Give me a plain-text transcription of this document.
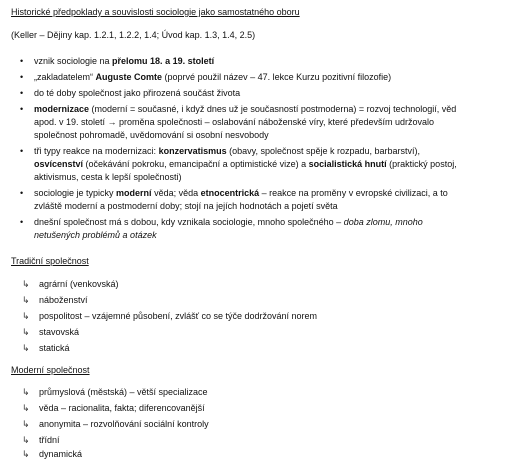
Historické předpoklady a souvislosti sociologie jako samostatného oboru
(Keller – Dějiny kap. 1.2.1, 1.2.2, 1.4; Úvod kap. 1.3, 1.4, 2.5)
•	vznik sociologie na přelomu 18. a 19. století
•	„zakladatelem“ Auguste Comte (poprvé použil název – 47. lekce Kurzu pozitivní filozofie)
•	do té doby společnost jako přirozená součást života
•	modernizace (moderní = současné, i když dnes už je současností postmoderna) = rozvoj technologií, věd
apod. v 19. století → proměna společnosti – oslabování náboženské víry, které především udržovalo
společnost pohromadě, uvědomování si osobní nesvobody
•	tři typy reakce na modernizaci: konzervatismus (obavy, společnost spěje k rozpadu, barbarství),
osvícenství (očekávání pokroku, emancipační a optimistické vize) a socialistická hnutí (praktický postoj,
aktivismus, cesta k lepší společnosti)
•	sociologie je typicky moderní věda; věda etnocentrická – reakce na proměny v evropské civilizaci, a to
zvláště moderní a postmoderní doby; stojí na jejích hodnotách a pojetí světa
•	dnešní společnost má s dobou, kdy vznikala sociologie, mnoho společného – doba zlomu, mnoho
netušených problémů a otázek
Tradiční společnost
↳	agrární (venkovská)
↳	náboženství
↳	pospolitost – vzájemné působení, zvlášť co se týče dodržování norem
↳	stavovská
↳	statická
Moderní společnost
↳	průmyslová (městská) – větší specializace
↳	věda – racionalita, fakta; diferencovanější
↳	anonymita – rozvolňování sociální kontroly
↳	třídní
↳	dynamická
